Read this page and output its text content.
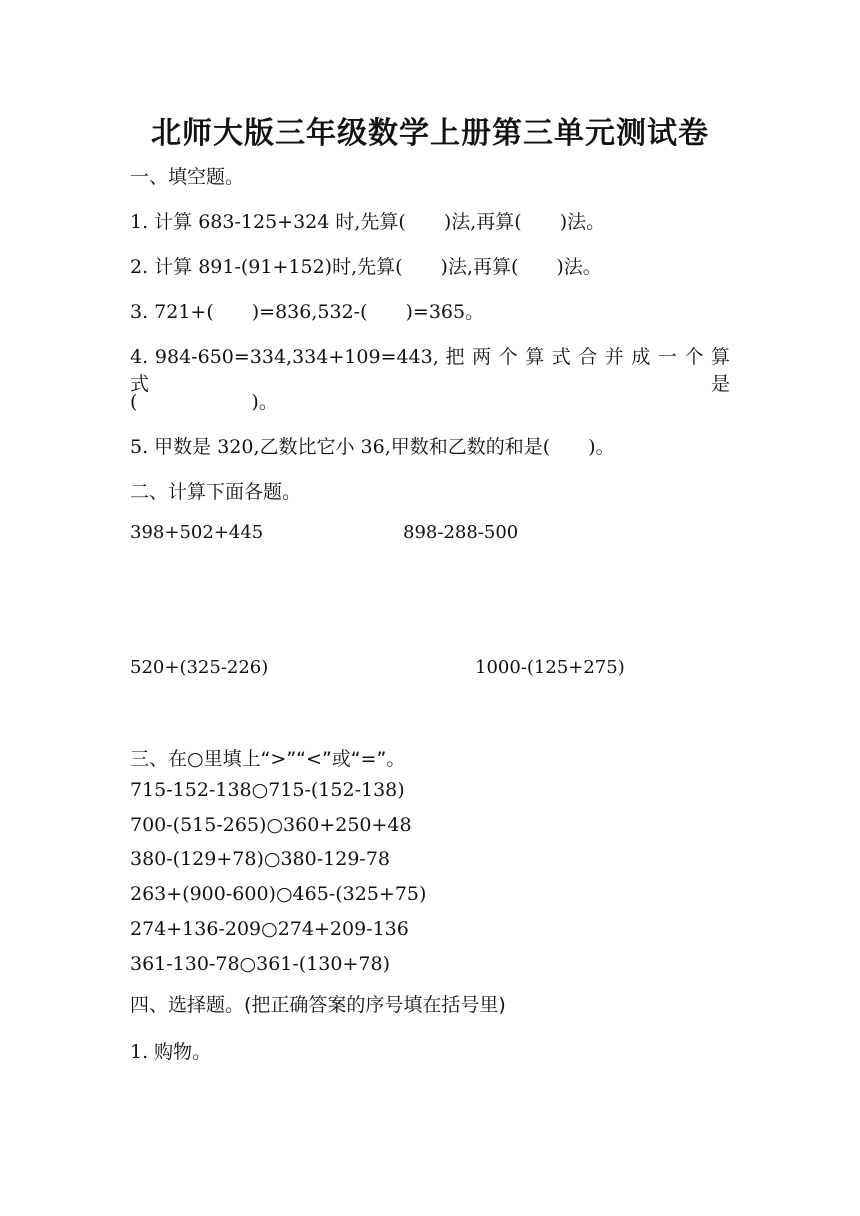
北师大版三年级数学上册第三单元测试卷
一、填空题。
1. 计算 683-125+324 时,先算(　　)法,再算(　　)法。
2. 计算 891-(91+152)时,先算(　　)法,再算(　　)法。
3. 721+(　　)=836,532-(　　)=365。
4. 984-650=334,334+109=443, 把 两 个 算 式 合 并 成 一 个 算 式 是
(　　　　　　)。
5. 甲数是 320,乙数比它小 36,甲数和乙数的和是(　　)。
二、计算下面各题。
398+502+445	898-288-500
520+(325-226)	1000-(125+275)
三、在○里填上“>”“<”或“=”。
715-152-138○715-(152-138)
700-(515-265)○360+250+48
380-(129+78)○380-129-78
263+(900-600)○465-(325+75)
274+136-209○274+209-136
361-130-78○361-(130+78)
四、选择题。(把正确答案的序号填在括号里)
1. 购物。
